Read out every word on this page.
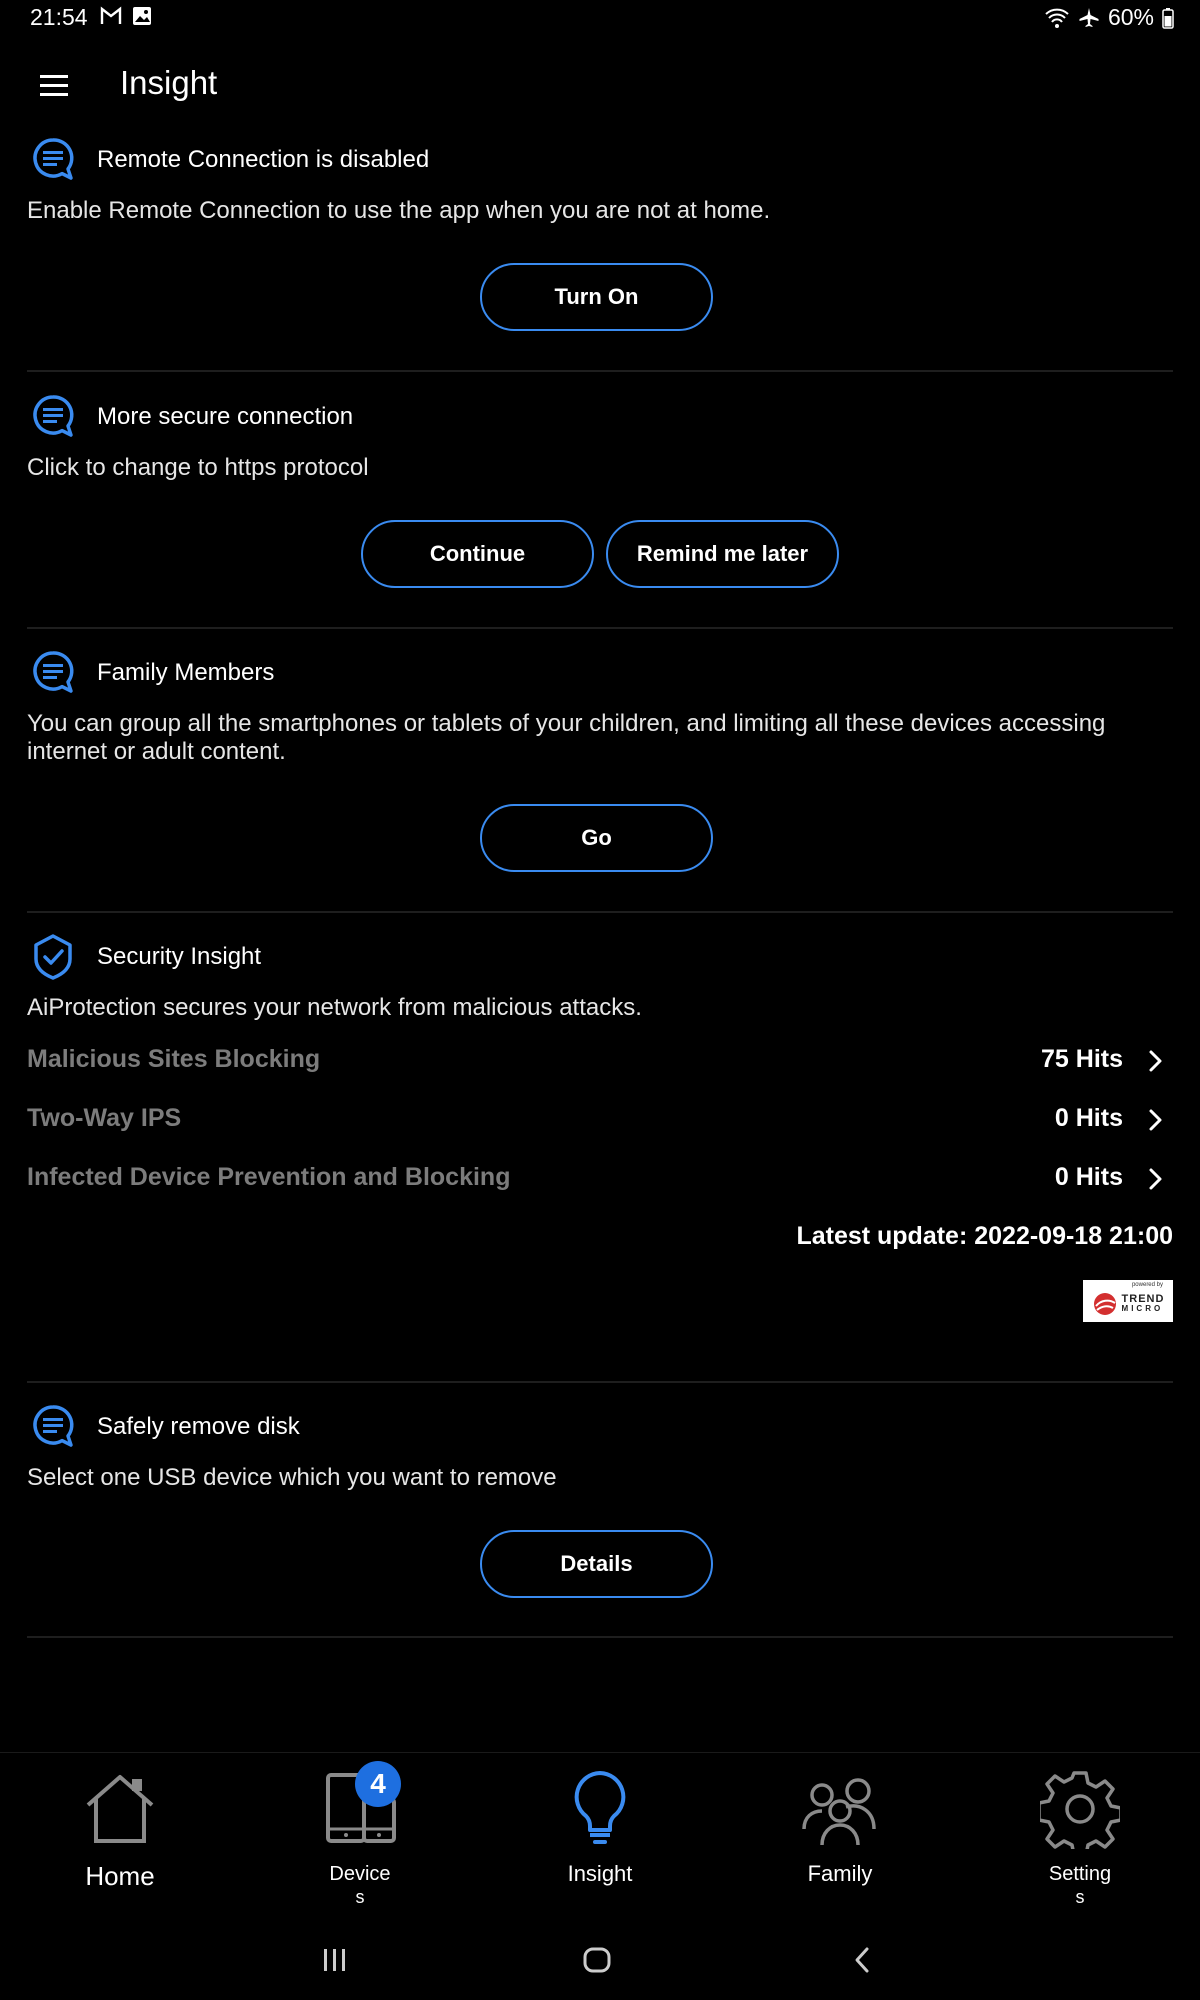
21:54	60%
Insight
Remote Connection is disabled
Enable Remote Connection to use the app when you are not at home.
Turn On
More secure connection
Click to change to https protocol
Continue	Remind me later
Family Members
You can group all the smartphones or tablets of your children, and limiting all these devices accessing internet or adult content.
Go
Security Insight
AiProtection secures your network from malicious attacks.
Malicious Sites Blocking	75 Hits
Two-Way IPS	0 Hits
Infected Device Prevention and Blocking	0 Hits
Latest update: 2022-09-18 21:00
powered by
TREND
MICRO
Safely remove disk
Select one USB device which you want to remove
Details
Home
4
Device
s
Insight	Family	Setting
s
